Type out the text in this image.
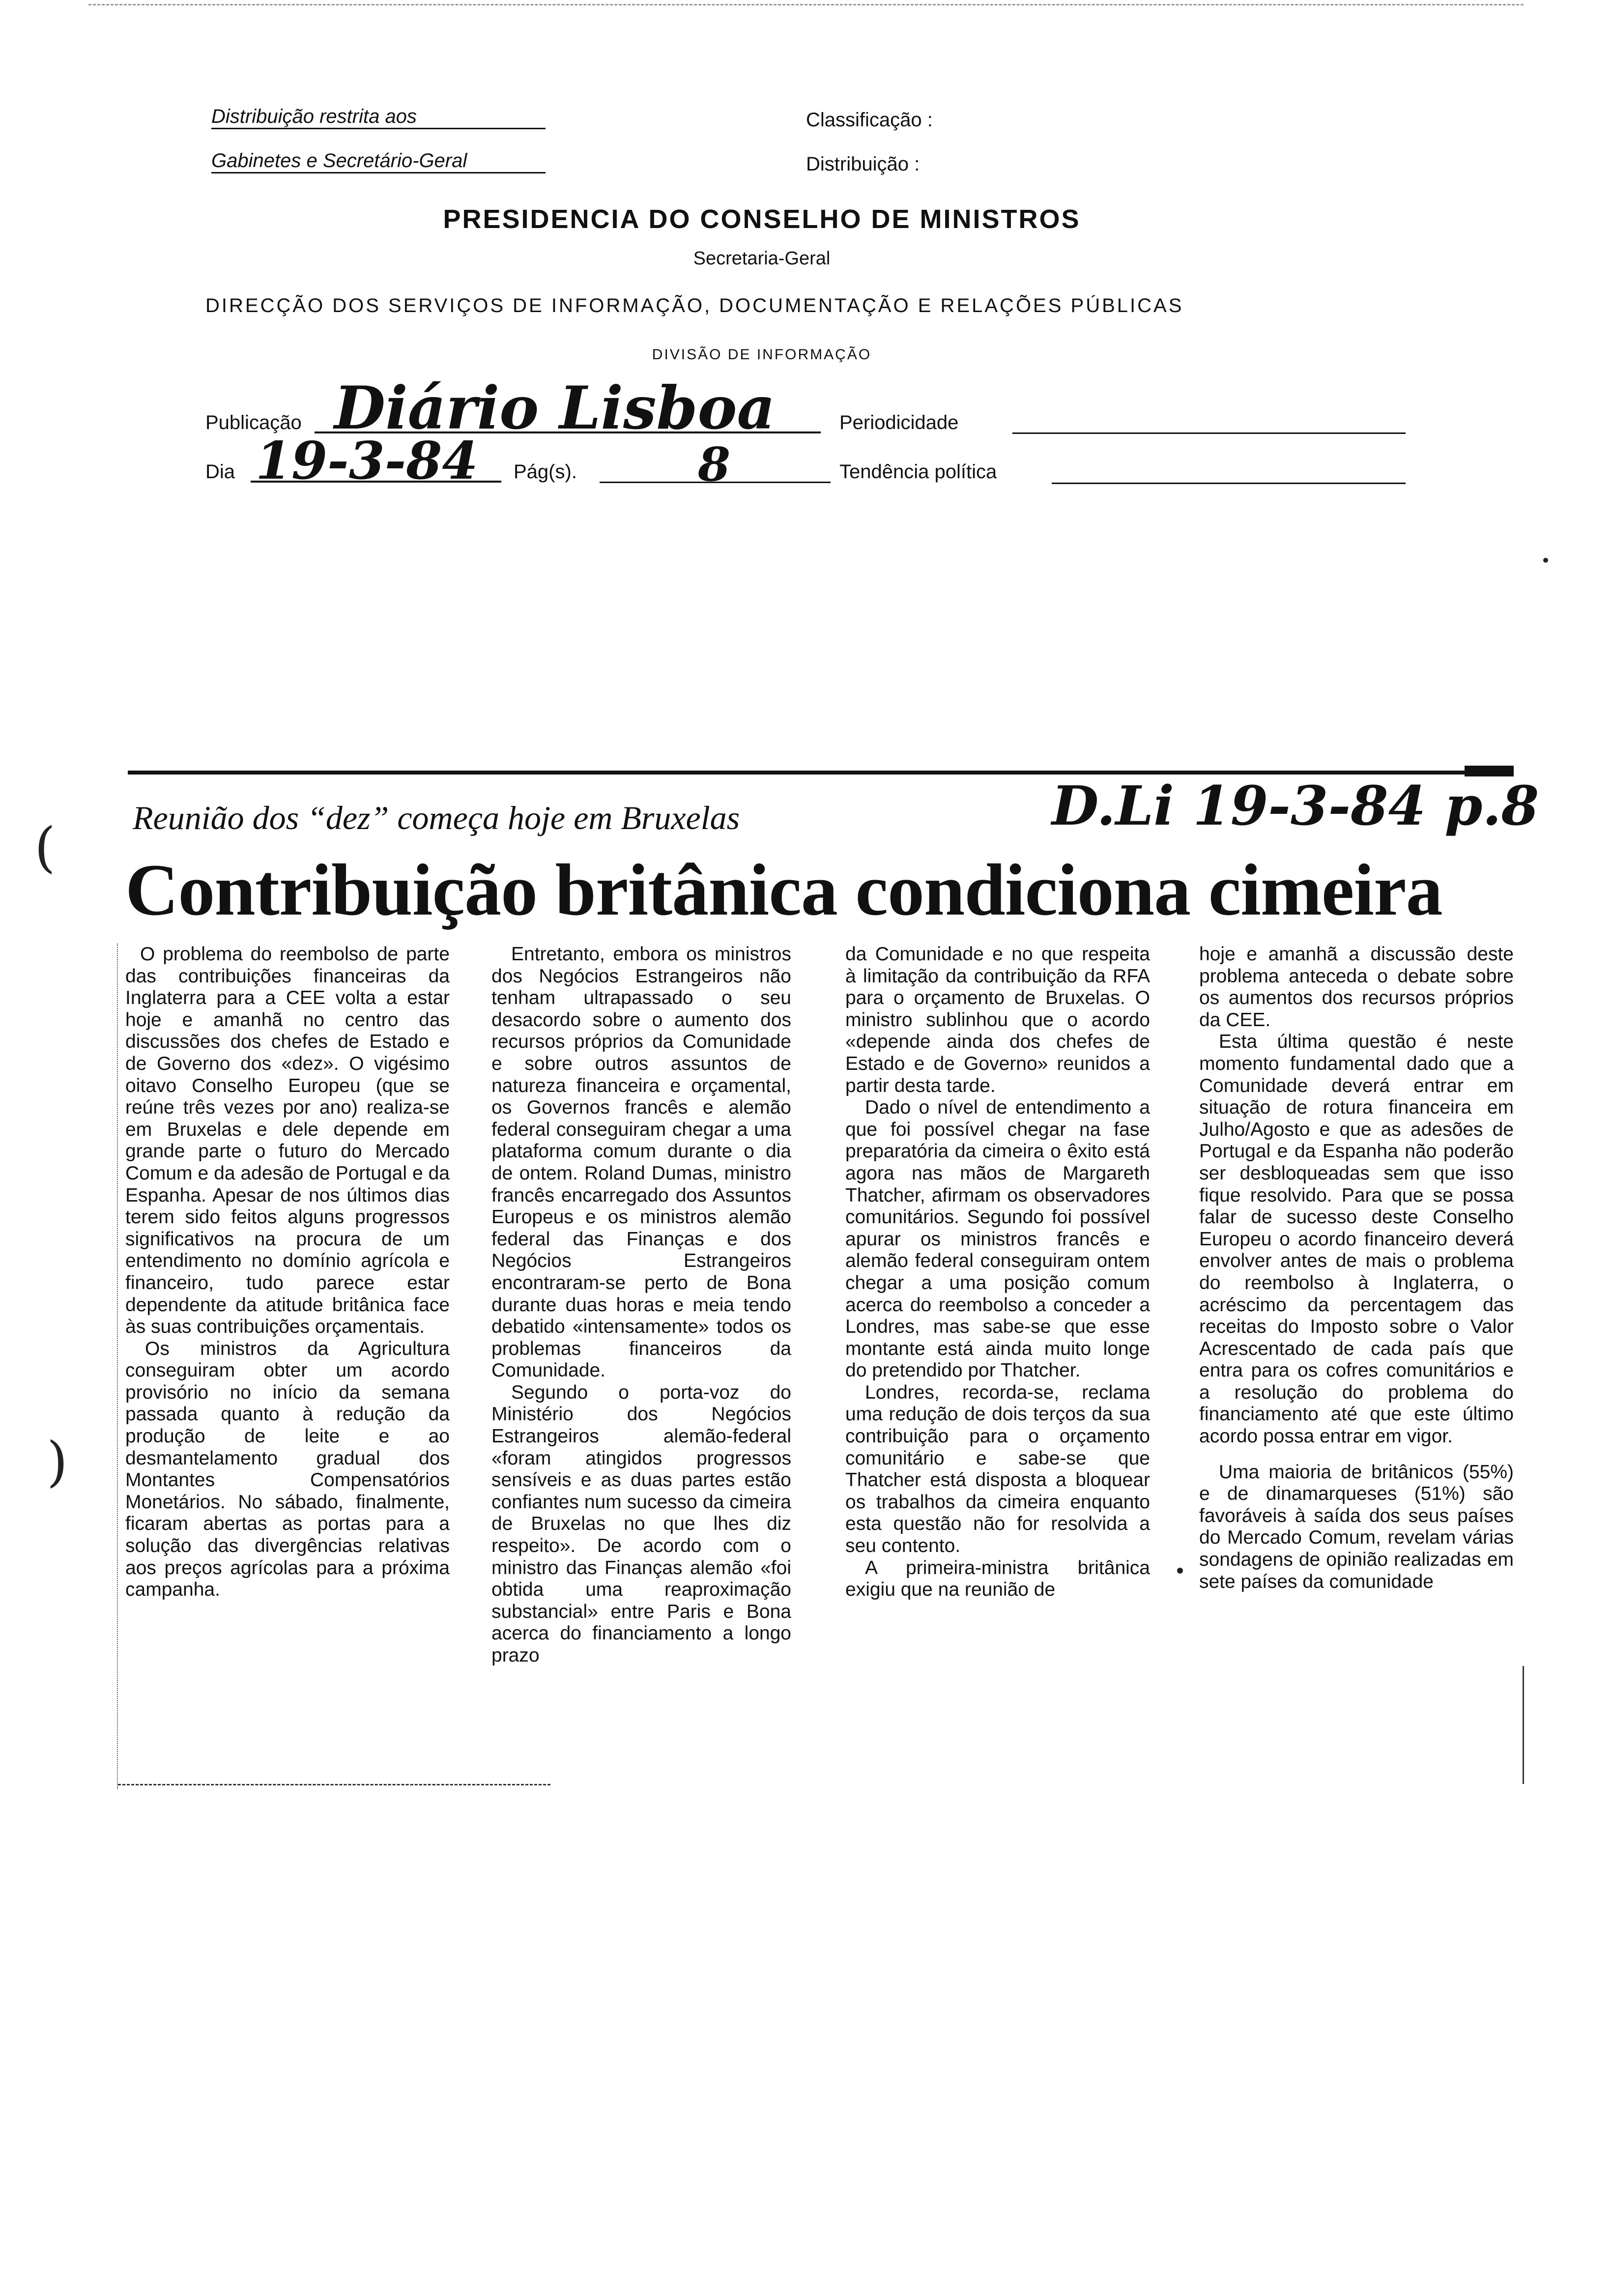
Distribuição restrita aos
Gabinetes e Secretário-Geral
Classificação :
Distribuição :
PRESIDENCIA DO CONSELHO DE MINISTROS
Secretaria-Geral
DIRECÇÃO DOS SERVIÇOS DE INFORMAÇÃO, DOCUMENTAÇÃO E RELAÇÕES PÚBLICAS
DIVISÃO DE INFORMAÇÃO
Publicação Diário Lisboa	Periodicidade
Dia 19-3-84 Pág(s).	8	Tendência política
Reunião dos “dez” começa hoje em Bruxelas	D.Li 19-3-84 p.8
Contribuição britânica condiciona cimeira
(
)

O problema do reembolso de parte das contribuições financeiras da Inglaterra para a CEE volta a estar hoje e amanhã no centro das discussões dos chefes de Estado e de Governo dos «dez». O vigésimo oitavo Conselho Europeu (que se reúne três vezes por ano) realiza-se em Bruxelas e dele depende em grande parte o futuro do Mercado Comum e da adesão de Portugal e da Espanha. Apesar de nos últimos dias terem sido feitos alguns progressos significativos na procura de um entendimento no domínio agrícola e financeiro, tudo parece estar dependente da atitude britânica face às suas contribuições orçamentais.

Os ministros da Agricultura conseguiram obter um acordo provisório no início da semana passada quanto à redução da produção de leite e ao desmantelamento gradual dos Montantes Compensatórios Monetários. No sábado, finalmente, ficaram abertas as portas para a solução das divergências relativas aos preços agrícolas para a próxima campanha.

Entretanto, embora os ministros dos Negócios Estrangeiros não tenham ultrapassado o seu desacordo sobre o aumento dos recursos próprios da Comunidade e sobre outros assuntos de natureza financeira e orçamental, os Governos francês e alemão federal conseguiram chegar a uma plataforma comum durante o dia de ontem. Roland Dumas, ministro francês encarregado dos Assuntos Europeus e os ministros alemão federal das Finanças e dos Negócios Estrangeiros encontraram-se perto de Bona durante duas horas e meia tendo debatido «intensamente» todos os problemas financeiros da Comunidade.

Segundo o porta-voz do Ministério dos Negócios Estrangeiros alemão-federal «foram atingidos progressos sensíveis e as duas partes estão confiantes num sucesso da cimeira de Bruxelas no que lhes diz respeito». De acordo com o ministro das Finanças alemão «foi obtida uma reaproximação substancial» entre Paris e Bona acerca do financiamento a longo prazo

da Comunidade e no que respeita à limitação da contribuição da RFA para o orçamento de Bruxelas. O ministro sublinhou que o acordo «depende ainda dos chefes de Estado e de Governo» reunidos a partir desta tarde.

Dado o nível de entendimento a que foi possível chegar na fase preparatória da cimeira o êxito está agora nas mãos de Margareth Thatcher, afirmam os observadores comunitários. Segundo foi possível apurar os ministros francês e alemão federal conseguiram ontem chegar a uma posição comum acerca do reembolso a conceder a Londres, mas sabe-se que esse montante está ainda muito longe do pretendido por Thatcher.

Londres, recorda-se, reclama uma redução de dois terços da sua contribuição para o orçamento comunitário e sabe-se que Thatcher está disposta a bloquear os trabalhos da cimeira enquanto esta questão não for resolvida a seu contento.

A primeira-ministra britânica exigiu que na reunião de

hoje e amanhã a discussão deste problema anteceda o debate sobre os aumentos dos recursos próprios da CEE.

Esta última questão é neste momento fundamental dado que a Comunidade deverá entrar em situação de rotura financeira em Julho/Agosto e que as adesões de Portugal e da Espanha não poderão ser desbloqueadas sem que isso fique resolvido. Para que se possa falar de sucesso deste Conselho Europeu o acordo financeiro deverá envolver antes de mais o problema do reembolso à Inglaterra, o acréscimo da percentagem das receitas do Imposto sobre o Valor Acrescentado de cada país que entra para os cofres comunitários e a resolução do problema do financiamento até que este último acordo possa entrar em vigor.

Uma maioria de britânicos (55%) e de dinamarqueses (51%) são favoráveis à saída dos seus países do Mercado Comum, revelam várias sondagens de opinião realizadas em sete países da comunidade
